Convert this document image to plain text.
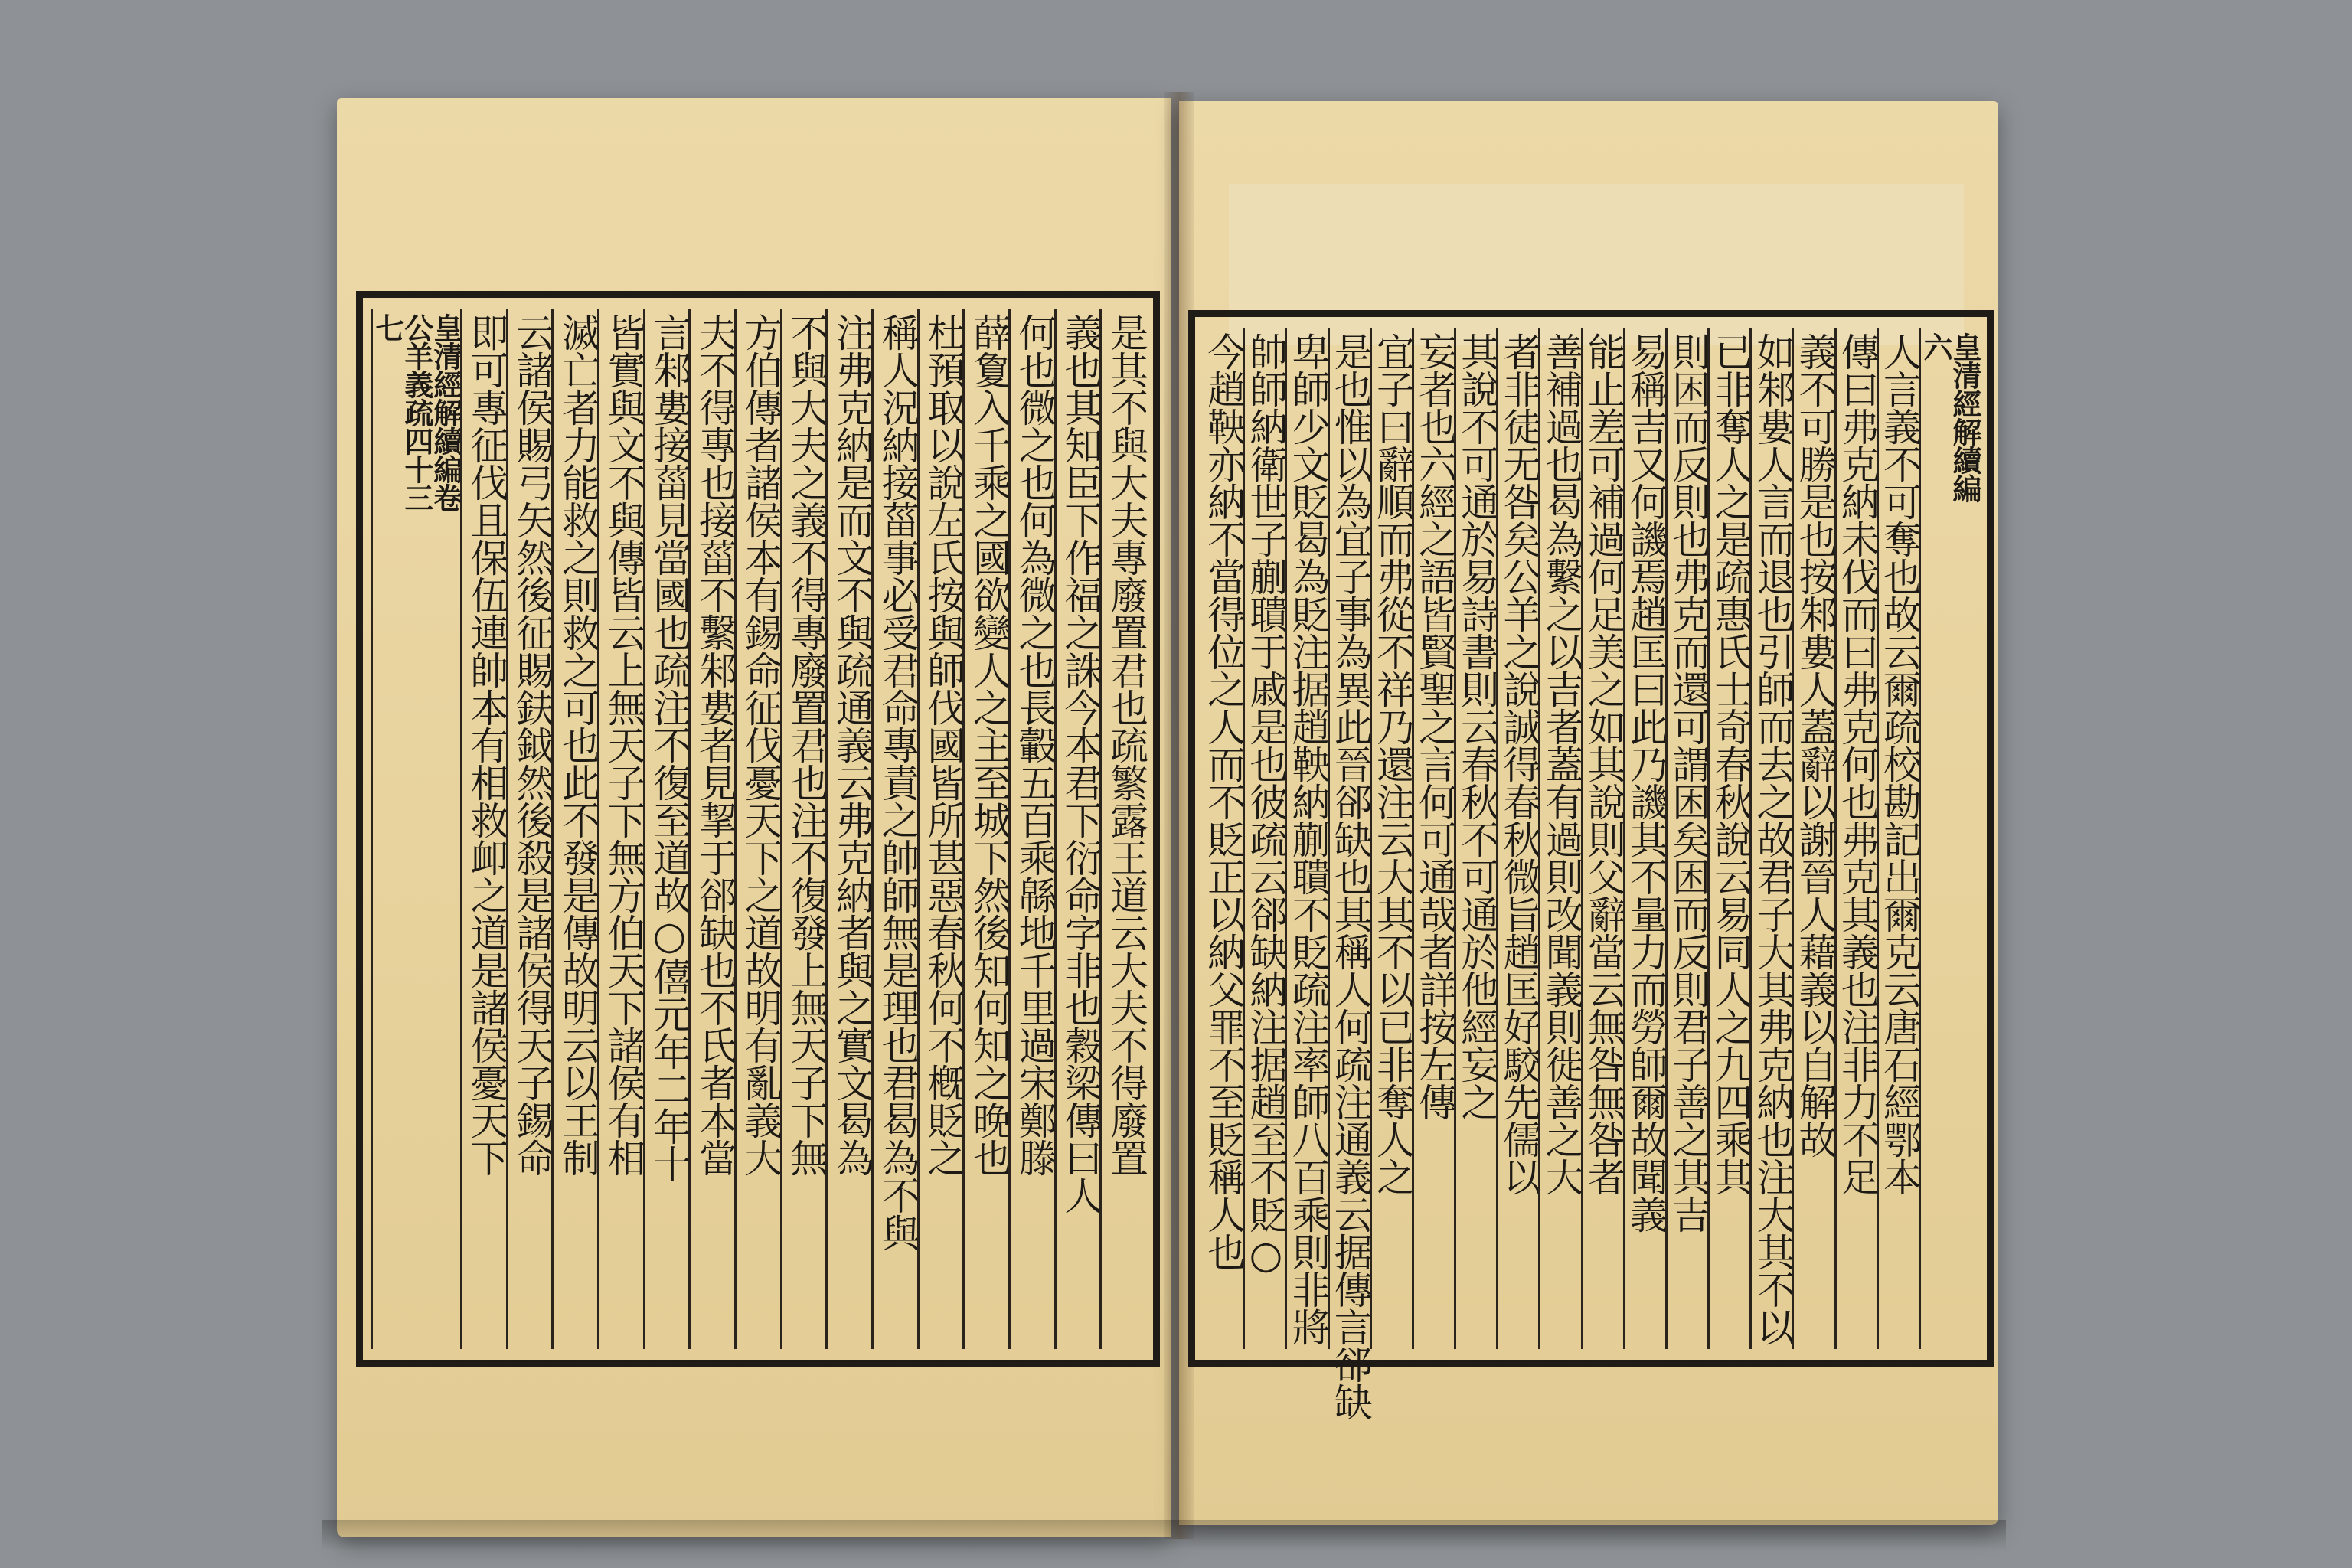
是其不與大夫專廢置君也疏繁露王道云大夫不得廢置
義也其知臣下作福之誅今本君下衍命字非也穀梁傳曰人
何也微之也何為微之也長轂五百乘緜地千里過宋鄭滕
薛夐入千乘之國欲變人之主至城下然後知何知之晚也
杜預取以說左氏按與師伐國皆所甚惡春秋何不槪貶之
稱人況納接菑事必受君命專責之帥師無是理也君曷為不與
注弗克納是而文不與疏通義云弗克納者與之實文曷為
不與大夫之義不得專廢置君也注不復發上無天子下無
方伯傳者諸侯本有錫命征伐憂天下之道故明有亂義大
夫不得專也接菑不繫邾婁者見挈于郤缺也不氏者本當
言邾婁接菑見當國也疏注不復至道故○僖元年二年十
皆實與文不與傳皆云上無天子下無方伯天下諸侯有相
滅亡者力能救之則救之可也此不發是傳故明云以王制
云諸侯賜弓矢然後征賜鈇鉞然後殺是諸侯得天子錫命
即可專征伐且保伍連帥本有相救卹之道是諸侯憂天下
皇清經解續編卷
公羊義疏四十三
七
皇清經解續編
六
人言義不可奪也故云爾疏校勘記出爾克云唐石經鄂本
傳曰弗克納未伐而曰弗克何也弗克其義也注非力不足
義不可勝是也按邾婁人蓋辭以謝晉人藉義以自解故
如邾婁人言而退也引師而去之故君子大其弗克納也注大其不以
已非奪人之是疏惠氏士奇春秋說云易同人之九四乘其
則困而反則也弗克而還可謂困矣困而反則君子善之其吉
易稱吉又何譏焉趙匡曰此乃譏其不量力而勞師爾故聞義
能止差可補過何足美之如其說則父辭當云無咎無咎者
善補過也曷為繫之以吉者蓋有過則改聞義則徙善之大
者非徒无咎矣公羊之說誠得春秋微旨趙匡好駮先儒以
其說不可通於易詩書則云春秋不可通於他經妄之
妄者也六經之語皆賢聖之言何可通哉者詳按左傳
宜子曰辭順而弗從不祥乃還注云大其不以已非奪人之
是也惟以為宜子事為異此晉郤缺也其稱人何疏注通義云据傳言郤缺
卑師少文貶曷為貶注据趙鞅納蒯聵不貶疏注率師八百乘則非將
帥師納衛世子蒯聵于戚是也彼疏云郤缺納注据趙至不貶○
今趙鞅亦納不當得位之人而不貶正以納父罪不至貶稱人也
